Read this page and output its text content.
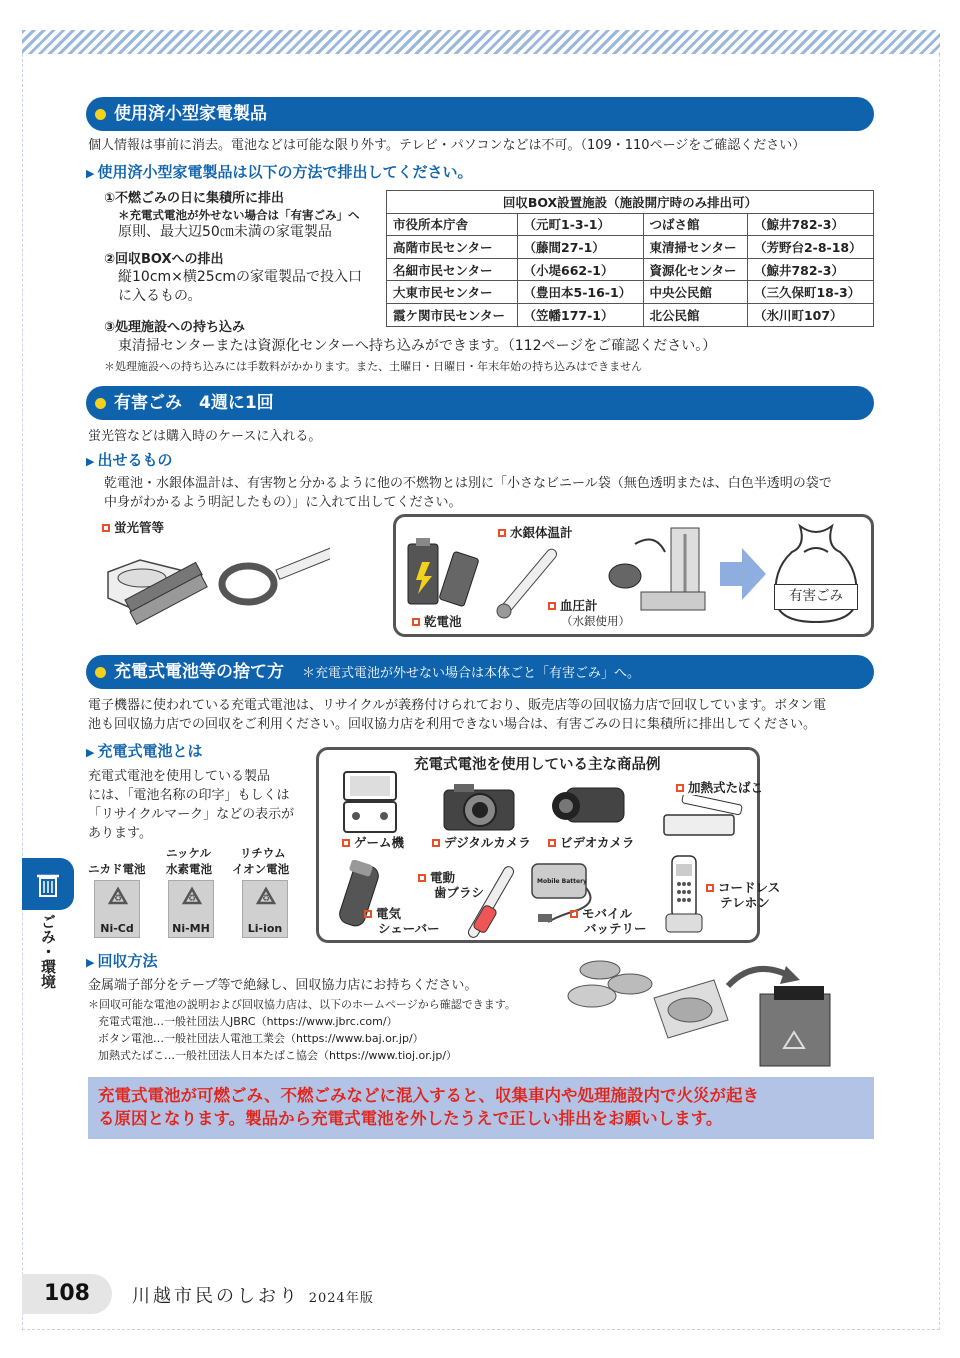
使用済小型家電製品
個人情報は事前に消去。電池などは可能な限り外す。テレビ・パソコンなどは不可。（109・110ページをご確認ください）
▶ 使用済小型家電製品は以下の方法で排出してください。
①不燃ごみの日に集積所に排出
＊充電式電池が外せない場合は「有害ごみ」へ
原則、最大辺50㎝未満の家電製品
②回収BOXへの排出
縦10cm×横25cmの家電製品で投入口
に入るもの。
回収BOX設置施設（施設開庁時のみ排出可）			
市役所本庁舎	（元町1-3-1）	つばさ館	（鯨井782-3）
高階市民センター	（藤間27-1）	東清掃センター	（芳野台2-8-18）
名細市民センター	（小堤662-1）	資源化センター	（鯨井782-3）
大東市民センター	（豊田本5-16-1）	中央公民館	（三久保町18-3）
霞ケ関市民センター	（笠幡177-1）	北公民館	（氷川町107）
③処理施設への持ち込み
東清掃センターまたは資源化センターへ持ち込みができます。（112ページをご確認ください。）
＊処理施設への持ち込みには手数料がかかります。また、土曜日・日曜日・年末年始の持ち込みはできません
有害ごみ　4週に1回
蛍光管などは購入時のケースに入れる。
▶ 出せるもの
乾電池・水銀体温計は、有害物と分かるように他の不燃物とは別に「小さなビニール袋（無色透明または、白色半透明の袋で
中身がわかるよう明記したもの）」に入れて出してください。
蛍光管等	水銀体温計
血圧計
（水銀使用）
乾電池
有害ごみ
充電式電池等の捨て方 ＊充電式電池が外せない場合は本体ごと「有害ごみ」へ。
電子機器に使われている充電式電池は、リサイクルが義務付けられており、販売店等の回収協力店で回収しています。ボタン電
池も回収協力店での回収をご利用ください。回収協力店を利用できない場合は、有害ごみの日に集積所に排出してください。
▶ 充電式電池とは
充電式電池を使用している製品
には、「電池名称の印字」もしくは
「リサイクルマーク」などの表示が
あります。
ニカド電池
ニッケル
水素電池
リチウム
イオン電池
♻
Ni-Cd
♻
Ni-MH
♻
Li-ion
充電式電池を使用している主な商品例
ゲーム機	デジタルカメラ	ビデオカメラ
加熱式たばこ
電気
シェーバー
電動
歯ブラシ
Mobile Battery
モバイル
バッテリー
コードレス
テレホン
▶ 回収方法
金属端子部分をテープ等で絶縁し、回収協力店にお持ちください。
＊回収可能な電池の説明および回収協力店は、以下のホームページから確認できます。
充電式電池…一般社団法人JBRC（https://www.jbrc.com/）
ボタン電池…一般社団法人電池工業会（https://www.baj.or.jp/）
加熱式たばこ…一般社団法人日本たばこ協会（https://www.tioj.or.jp/）
充電式電池が可燃ごみ、不燃ごみなどに混入すると、収集車内や処理施設内で火災が起き
る原因となります。製品から充電式電池を外したうえで正しい排出をお願いします。
ごみ・環境
108	川越市民のしおり 2024年版
